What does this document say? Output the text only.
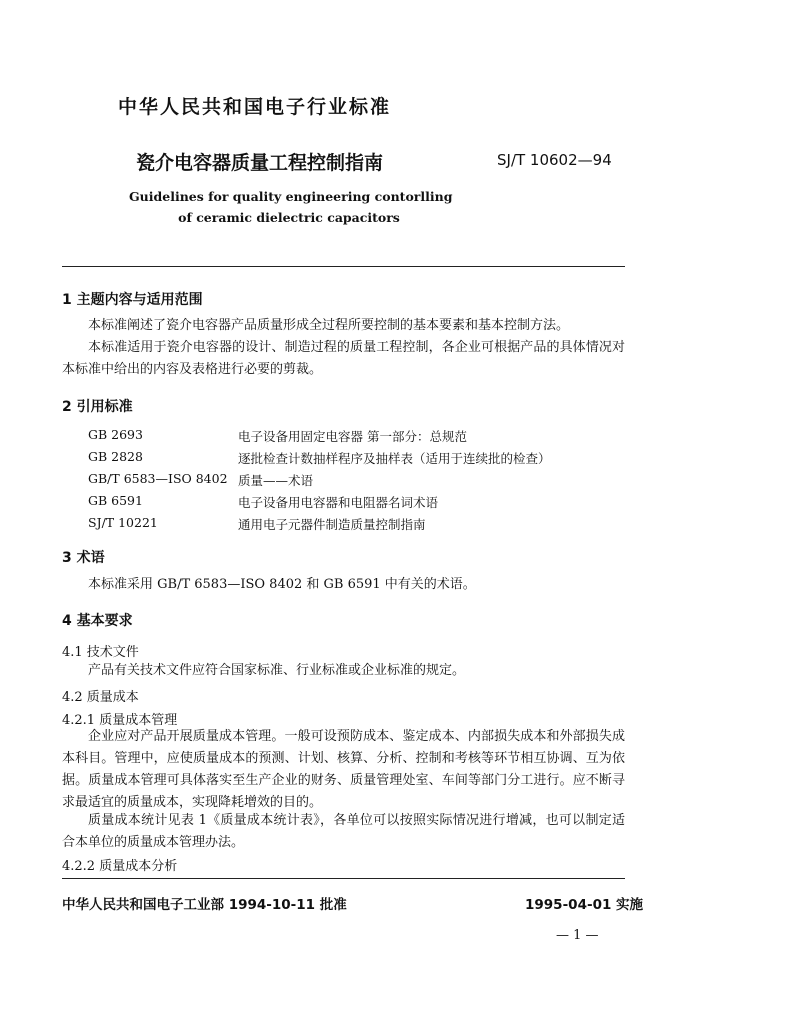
中华人民共和国电子行业标准
瓷介电容器质量工程控制指南	SJ/T 10602—94
Guidelines for quality engineering contorlling
of ceramic dielectric capacitors
1 主题内容与适用范围
本标准阐述了瓷介电容器产品质量形成全过程所要控制的基本要素和基本控制方法。
本标准适用于瓷介电容器的设计、制造过程的质量工程控制，各企业可根据产品的具体情况对本标准中给出的内容及表格进行必要的剪裁。
2 引用标准
GB 2693	电子设备用固定电容器 第一部分：总规范
GB 2828	逐批检查计数抽样程序及抽样表（适用于连续批的检查）
GB/T 6583—ISO 8402 质量——术语
GB 6591	电子设备用电容器和电阻器名词术语
SJ/T 10221	通用电子元器件制造质量控制指南
3 术语
本标准采用 GB/T 6583—ISO 8402 和 GB 6591 中有关的术语。
4 基本要求
4.1 技术文件
产品有关技术文件应符合国家标准、行业标准或企业标准的规定。
4.2 质量成本
4.2.1 质量成本管理
企业应对产品开展质量成本管理。一般可设预防成本、鉴定成本、内部损失成本和外部损失成本科目。管理中，应使质量成本的预测、计划、核算、分析、控制和考核等环节相互协调、互为依据。质量成本管理可具体落实至生产企业的财务、质量管理处室、车间等部门分工进行。应不断寻求最适宜的质量成本，实现降耗增效的目的。
质量成本统计见表 1《质量成本统计表》，各单位可以按照实际情况进行增减，也可以制定适合本单位的质量成本管理办法。
4.2.2 质量成本分析
中华人民共和国电子工业部 1994-10-11 批准	1995-04-01 实施
— 1 —
